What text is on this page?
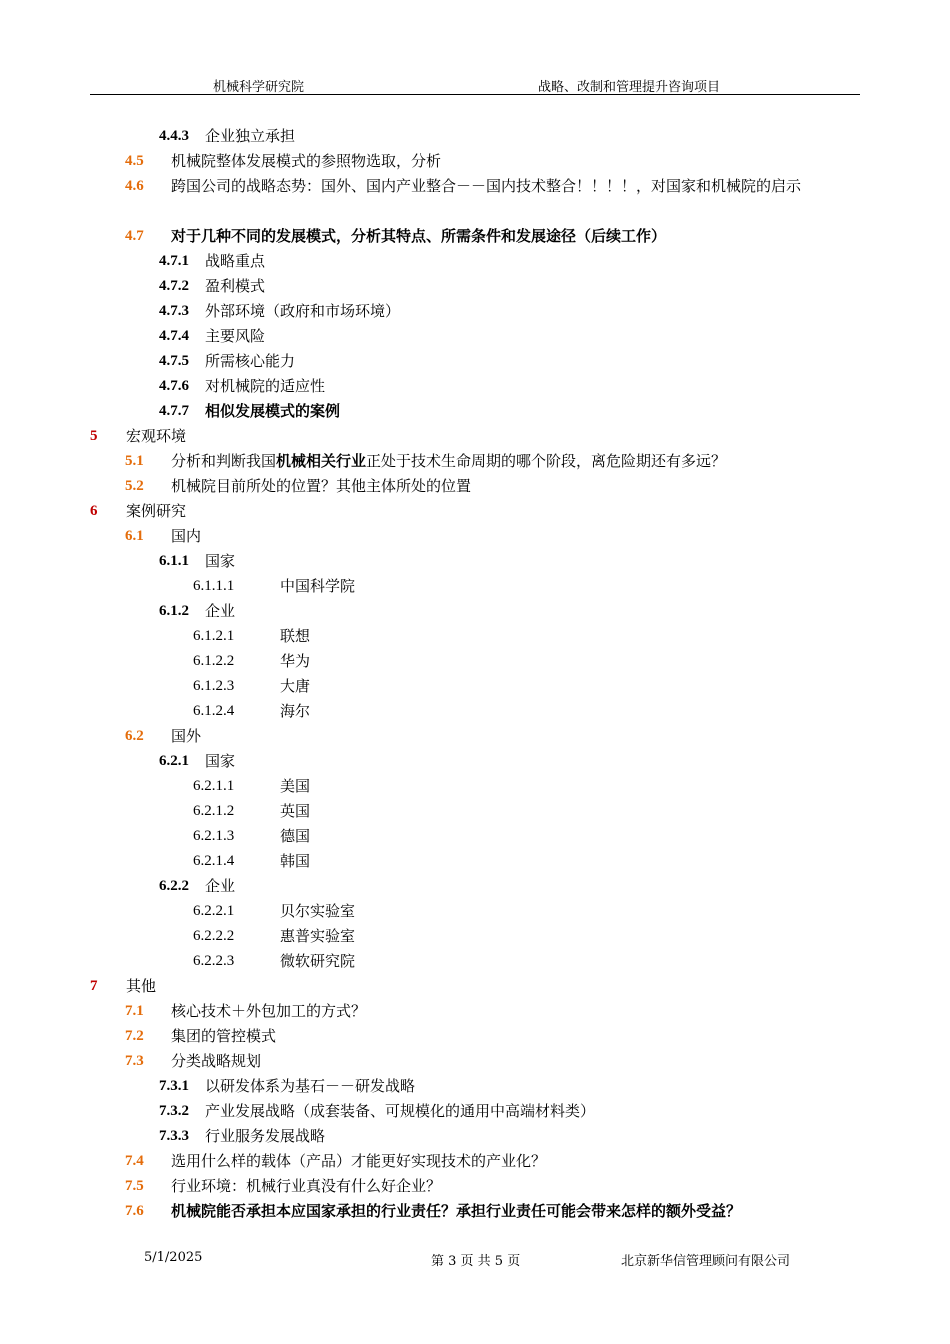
机械科学研究院	战略、改制和管理提升咨询项目
4.4.3 企业独立承担
4.5 机械院整体发展模式的参照物选取，分析
4.6 跨国公司的战略态势：国外、国内产业整合－－国内技术整合！！！！，对国家和机械院的启示
4.7 对于几种不同的发展模式，分析其特点、所需条件和发展途径（后续工作）
4.7.1 战略重点
4.7.2 盈利模式
4.7.3 外部环境（政府和市场环境）
4.7.4 主要风险
4.7.5 所需核心能力
4.7.6 对机械院的适应性
4.7.7 相似发展模式的案例
5 宏观环境
5.1 分析和判断我国机械相关行业正处于技术生命周期的哪个阶段，离危险期还有多远？
5.2 机械院目前所处的位置？其他主体所处的位置
6 案例研究
6.1 国内
6.1.1 国家
6.1.1.1	中国科学院
6.1.2 企业
6.1.2.1	联想
6.1.2.2	华为
6.1.2.3	大唐
6.1.2.4	海尔
6.2 国外
6.2.1 国家
6.2.1.1	美国
6.2.1.2	英国
6.2.1.3	德国
6.2.1.4	韩国
6.2.2 企业
6.2.2.1	贝尔实验室
6.2.2.2	惠普实验室
6.2.2.3	微软研究院
7 其他
7.1 核心技术＋外包加工的方式？
7.2 集团的管控模式
7.3 分类战略规划
7.3.1 以研发体系为基石－－研发战略
7.3.2 产业发展战略（成套装备、可规模化的通用中高端材料类）
7.3.3 行业服务发展战略
7.4 选用什么样的载体（产品）才能更好实现技术的产业化？
7.5 行业环境：机械行业真没有什么好企业？
7.6 机械院能否承担本应国家承担的行业责任？承担行业责任可能会带来怎样的额外受益？
5/1/2025	第 3 页 共 5 页	北京新华信管理顾问有限公司
